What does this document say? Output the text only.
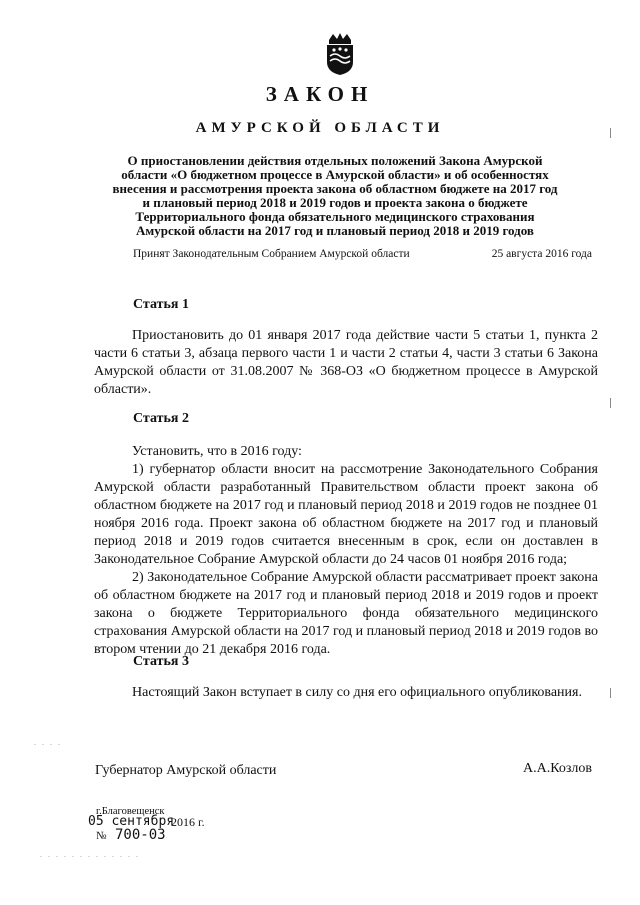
ЗАКОН
АМУРСКОЙ ОБЛАСТИ
О приостановлении действия отдельных положений Закона Амурской
области «О бюджетном процессе в Амурской области» и об особенностях
внесения и рассмотрения проекта закона об областном бюджете на 2017 год
и плановый период 2018 и 2019 годов и проекта закона о бюджете
Территориального фонда обязательного медицинского страхования
Амурской области на 2017 год и плановый период 2018 и 2019 годов
Принят Законодательным Собранием Амурской области	25 августа 2016 года
Статья 1

Приостановить до 01 января 2017 года действие части 5 статьи 1, пункта 2 части 6 статьи 3, абзаца первого части 1 и части 2 статьи 4, части 3 статьи 6 Закона Амурской области от 31.08.2007 № 368-ОЗ «О бюджетном процессе в Амурской области».

Статья 2

Установить, что в 2016 году:

1) губернатор области вносит на рассмотрение Законодательного Собрания Амурской области разработанный Правительством области проект закона об областном бюджете на 2017 год и плановый период 2018 и 2019 годов не позднее 01 ноября 2016 года. Проект закона об областном бюджете на 2017 год и плановый период 2018 и 2019 годов считается внесенным в срок, если он доставлен в Законодательное Собрание Амурской области до 24 часов 01 ноября 2016 года;

2) Законодательное Собрание Амурской области рассматривает проект закона об областном бюджете на 2017 год и плановый период 2018 и 2019 годов и проект закона о бюджете Территориального фонда обязательного медицинского страхования Амурской области на 2017 год и плановый период 2018 и 2019 годов во втором чтении до 21 декабря 2016 года.

Статья 3

Настоящий Закон вступает в силу со дня его официального опубликования.

Губернатор Амурской области	А.А.Козлов
г.Благовещенск
05 сентября
2016 г.
№ 700-03
. . . .
. . . . . . . . . . . . .
